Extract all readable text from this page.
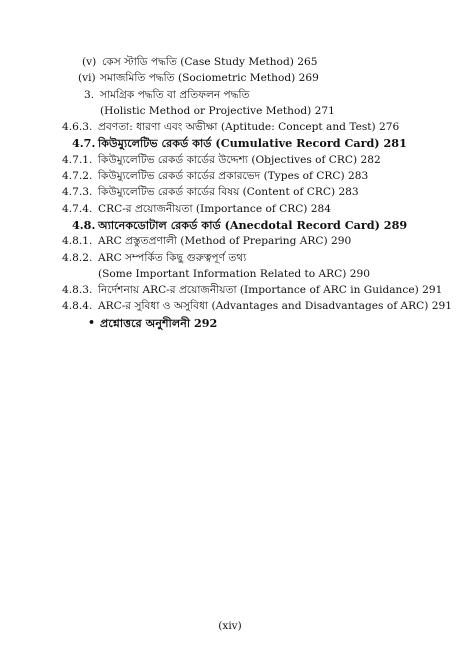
(v) কেস স্টাডি পদ্ধতি (Case Study Method) 265
(vi) সমাজমিতি পদ্ধতি (Sociometric Method) 269
3. সামগ্রিক পদ্ধতি বা প্রতিফলন পদ্ধতি
(Holistic Method or Projective Method) 271
4.6.3. প্রবণতা: ধারণা এবং অভীক্ষা (Aptitude: Concept and Test) 276
4.7. কিউম্যুলেটিভ রেকর্ড কার্ড (Cumulative Record Card) 281
4.7.1. কিউম্যুলেটিভ রেকর্ড কার্ডের উদ্দেশ্য (Objectives of CRC) 282
4.7.2. কিউম্যুলেটিভ রেকর্ড কার্ডের প্রকারভেদ (Types of CRC) 283
4.7.3. কিউম্যুলেটিভ রেকর্ড কার্ডের বিষয় (Content of CRC) 283
4.7.4. CRC-র প্রয়োজনীয়তা (Importance of CRC) 284
4.8. অ্যানেকডোটাল রেকর্ড কার্ড (Anecdotal Record Card) 289
4.8.1. ARC প্রস্তুতপ্রণালী (Method of Preparing ARC) 290
4.8.2. ARC সম্পর্কিত কিছু গুরুত্বপূর্ণ তথ্য
(Some Important Information Related to ARC) 290
4.8.3. নির্দেশনায় ARC-র প্রয়োজনীয়তা (Importance of ARC in Guidance) 291
4.8.4. ARC-র সুবিধা ও অসুবিধা (Advantages and Disadvantages of ARC) 291
• প্রশ্নোত্তরে অনুশীলনী 292
(xiv)
